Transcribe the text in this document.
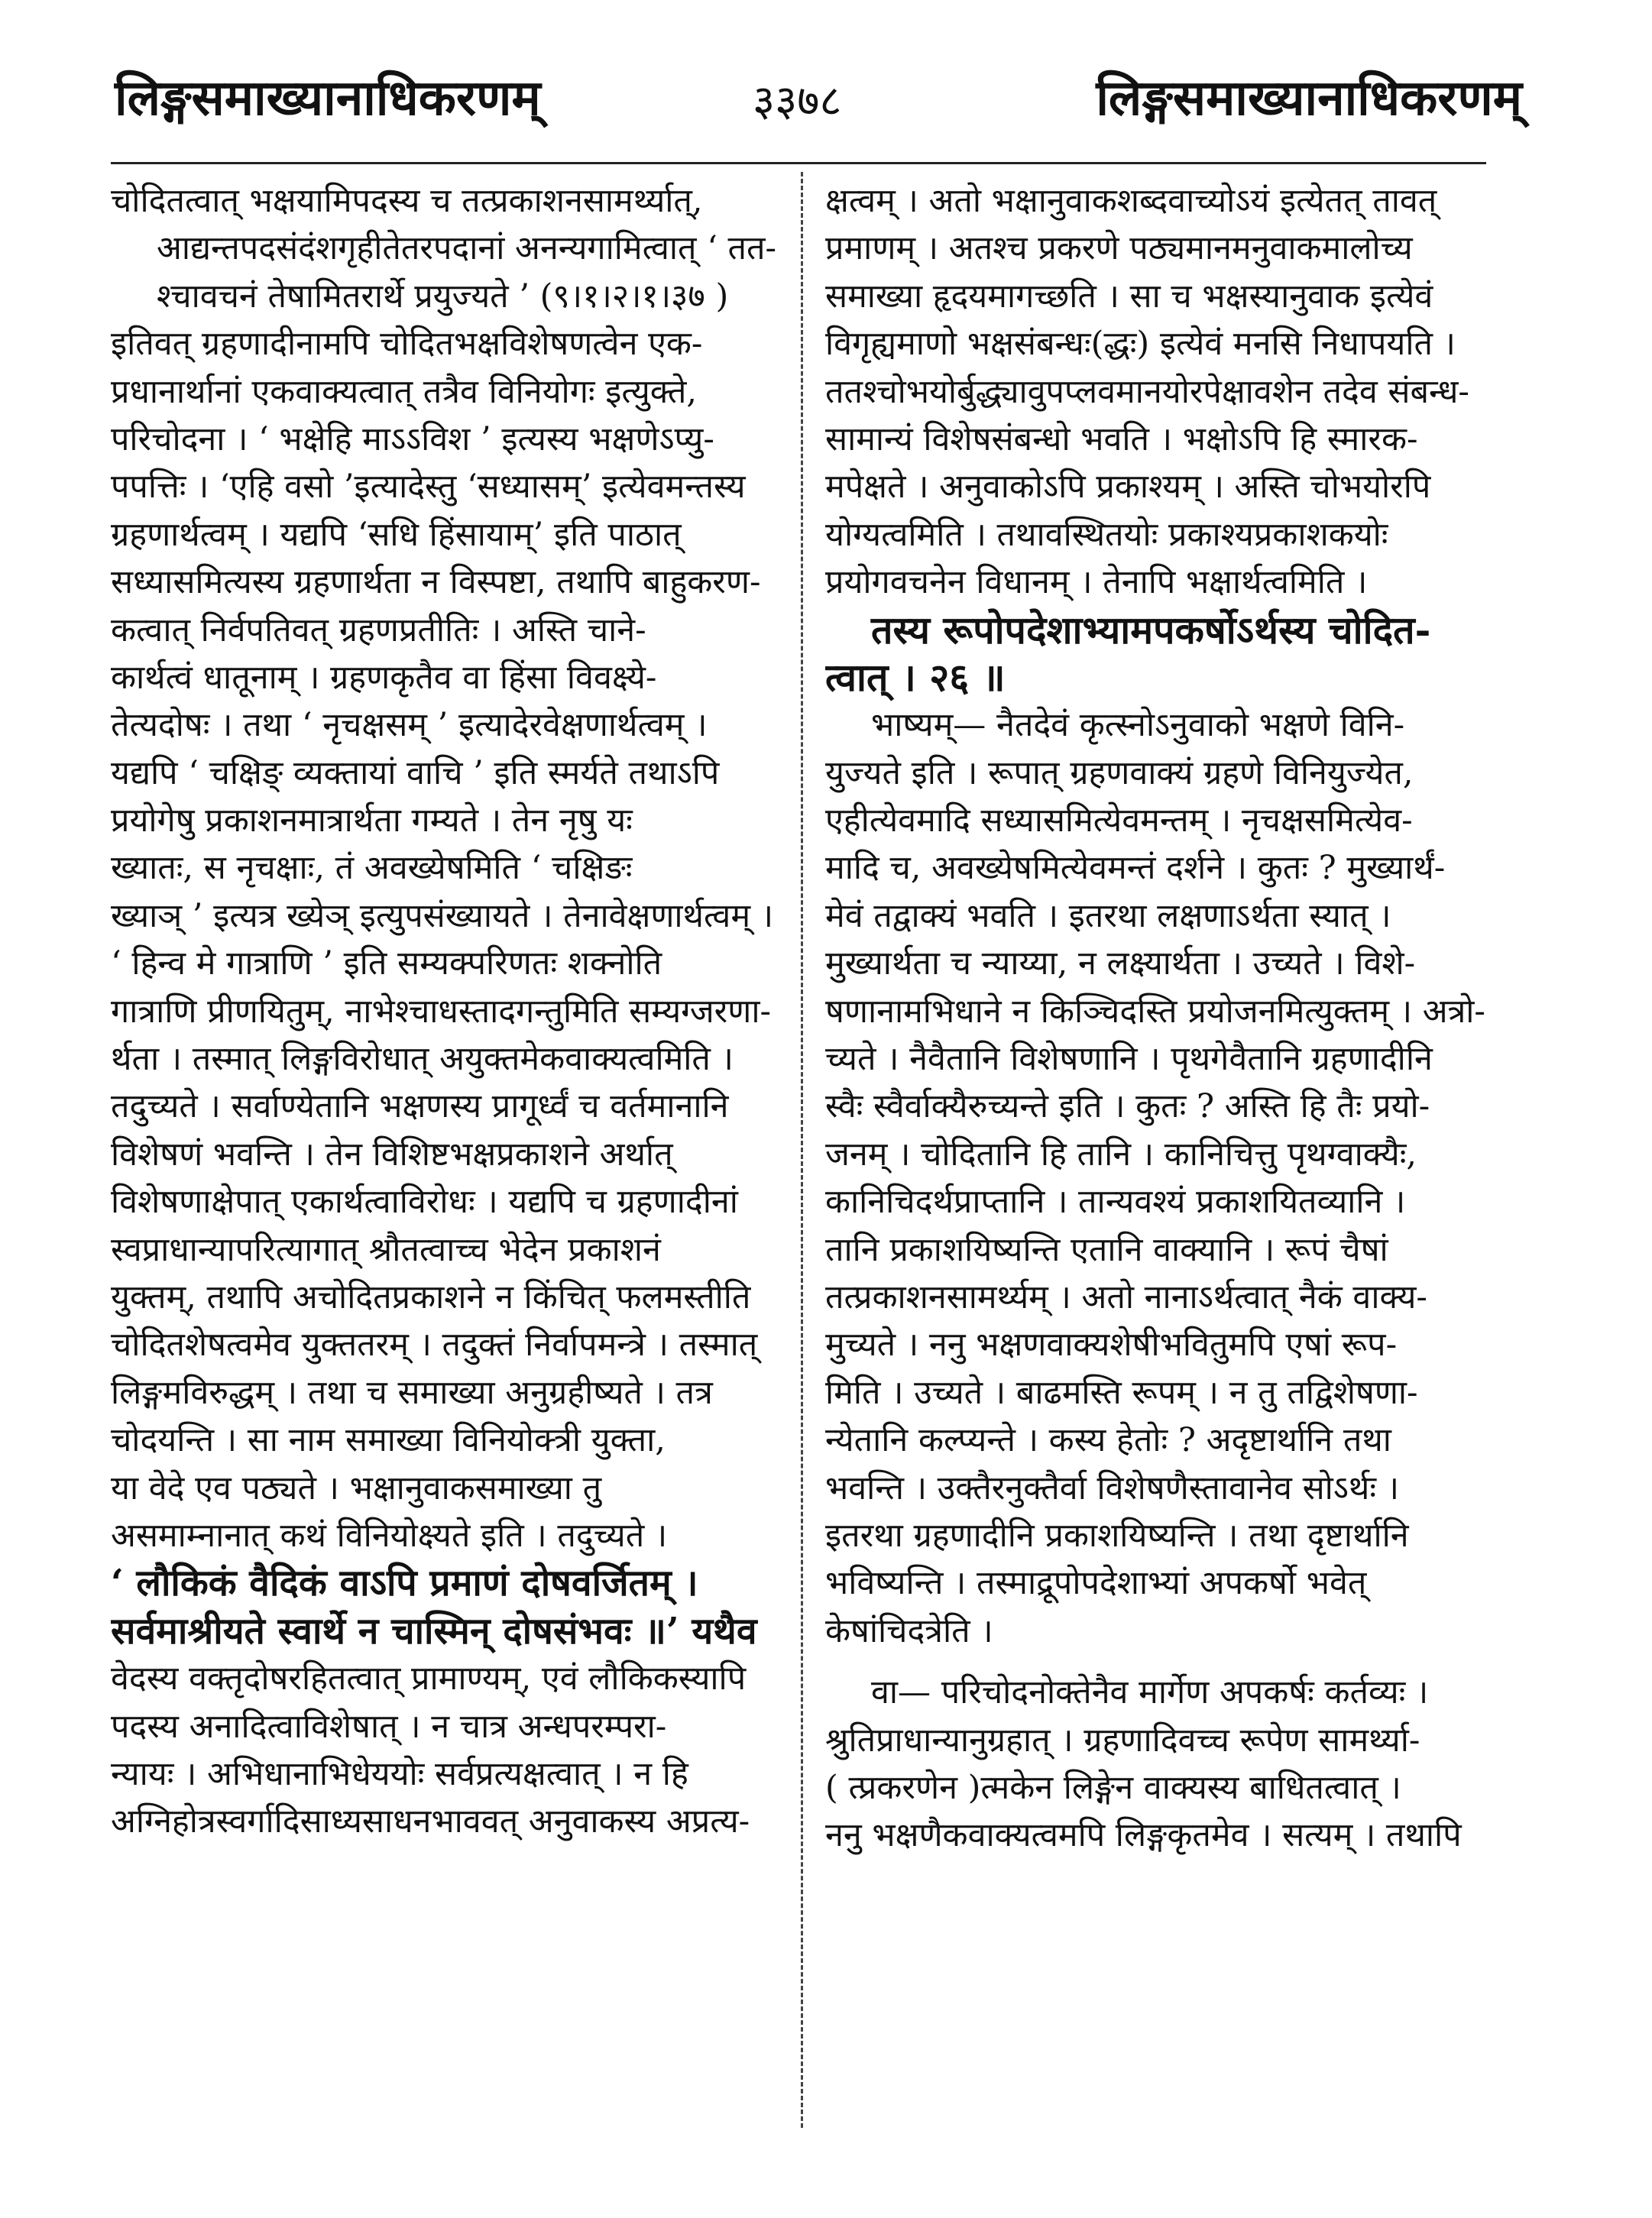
लिङ्गसमाख्यानाधिकरणम्	३३७८	लिङ्गसमाख्यानाधिकरणम्
चोदितत्वात् भक्षयामिपदस्य च तत्प्रकाशनसामर्थ्यात्,
आद्यन्तपदसंदंशगृहीतेतरपदानां अनन्यगामित्वात् ‘ तत-
श्चावचनं तेषामितरार्थे प्रयुज्यते ’ (९।१।२।१।३७ )
इतिवत् ग्रहणादीनामपि चोदितभक्षविशेषणत्वेन एक-
प्रधानार्थानां एकवाक्यत्वात् तत्रैव विनियोगः इत्युक्ते,
परिचोदना । ‘ भक्षेहि माऽऽविश ’ इत्यस्य भक्षणेऽप्यु-
पपत्तिः । ‘एहि वसो ’इत्यादेस्तु ‘सध्यासम्’ इत्येवमन्तस्य
ग्रहणार्थत्वम् । यद्यपि ‘सधि हिंसायाम्’ इति पाठात्
सध्यासमित्यस्य ग्रहणार्थता न विस्पष्टा, तथापि बाहुकरण-
कत्वात् निर्वपतिवत् ग्रहणप्रतीतिः । अस्ति चाने-
कार्थत्वं धातूनाम् । ग्रहणकृतैव वा हिंसा विवक्ष्ये-
तेत्यदोषः । तथा ‘ नृचक्षसम् ’ इत्यादेरवेक्षणार्थत्वम् ।
यद्यपि ‘ चक्षिङ् व्यक्तायां वाचि ’ इति स्मर्यते तथाऽपि
प्रयोगेषु प्रकाशनमात्रार्थता गम्यते । तेन नृषु यः
ख्यातः, स नृचक्षाः, तं अवख्येषमिति ‘ चक्षिङः
ख्याञ् ’ इत्यत्र ख्येञ् इत्युपसंख्यायते । तेनावेक्षणार्थत्वम् ।
‘ हिन्व मे गात्राणि ’ इति सम्यक्परिणतः शक्नोति
गात्राणि प्रीणयितुम्, नाभेश्चाधस्तादगन्तुमिति सम्यग्जरणा-
र्थता । तस्मात् लिङ्गविरोधात् अयुक्तमेकवाक्यत्वमिति ।
तदुच्यते । सर्वाण्येतानि भक्षणस्य प्रागूर्ध्वं च वर्तमानानि
विशेषणं भवन्ति । तेन विशिष्टभक्षप्रकाशने अर्थात्
विशेषणाक्षेपात् एकार्थत्वाविरोधः । यद्यपि च ग्रहणादीनां
स्वप्राधान्यापरित्यागात् श्रौतत्वाच्च भेदेन प्रकाशनं
युक्तम्, तथापि अचोदितप्रकाशने न किंचित् फलमस्तीति
चोदितशेषत्वमेव युक्ततरम् । तदुक्तं निर्वापमन्त्रे । तस्मात्
लिङ्गमविरुद्धम् । तथा च समाख्या अनुग्रहीष्यते । तत्र
चोदयन्ति । सा नाम समाख्या विनियोक्त्री युक्ता,
या वेदे एव पठ्यते । भक्षानुवाकसमाख्या तु
असमाम्नानात् कथं विनियोक्ष्यते इति । तदुच्यते ।
‘ लौकिकं वैदिकं वाऽपि प्रमाणं दोषवर्जितम् ।
सर्वमाश्रीयते स्वार्थे न चास्मिन् दोषसंभवः ॥’ यथैव
वेदस्य वक्तृदोषरहितत्वात् प्रामाण्यम्, एवं लौकिकस्यापि
पदस्य अनादित्वाविशेषात् । न चात्र अन्धपरम्परा-
न्यायः । अभिधानाभिधेययोः सर्वप्रत्यक्षत्वात् । न हि
अग्निहोत्रस्वर्गादिसाध्यसाधनभाववत् अनुवाकस्य अप्रत्य-
क्षत्वम् । अतो भक्षानुवाकशब्दवाच्योऽयं इत्येतत् तावत्
प्रमाणम् । अतश्च प्रकरणे पठ्यमानमनुवाकमालोच्य
समाख्या हृदयमागच्छति । सा च भक्षस्यानुवाक इत्येवं
विगृह्यमाणो भक्षसंबन्धः(द्धः) इत्येवं मनसि निधापयति ।
ततश्चोभयोर्बुद्ध्यावुपप्लवमानयोरपेक्षावशेन तदेव संबन्ध-
सामान्यं विशेषसंबन्धो भवति । भक्षोऽपि हि स्मारक-
मपेक्षते । अनुवाकोऽपि प्रकाश्यम् । अस्ति चोभयोरपि
योग्यत्वमिति । तथावस्थितयोः प्रकाश्यप्रकाशकयोः
प्रयोगवचनेन विधानम् । तेनापि भक्षार्थत्वमिति ।
तस्य रूपोपदेशाभ्यामपकर्षोऽर्थस्य चोदित-
त्वात् । २६ ॥
भाष्यम्— नैतदेवं कृत्स्नोऽनुवाको भक्षणे विनि-
युज्यते इति । रूपात् ग्रहणवाक्यं ग्रहणे विनियुज्येत,
एहीत्येवमादि सध्यासमित्येवमन्तम् । नृचक्षसमित्येव-
मादि च, अवख्येषमित्येवमन्तं दर्शने । कुतः ? मुख्यार्थं-
मेवं तद्वाक्यं भवति । इतरथा लक्षणाऽर्थता स्यात् ।
मुख्यार्थता च न्याय्या, न लक्ष्यार्थता । उच्यते । विशे-
षणानामभिधाने न किञ्चिदस्ति प्रयोजनमित्युक्तम् । अत्रो-
च्यते । नैवैतानि विशेषणानि । पृथगेवैतानि ग्रहणादीनि
स्वैः स्वैर्वाक्यैरुच्यन्ते इति । कुतः ? अस्ति हि तैः प्रयो-
जनम् । चोदितानि हि तानि । कानिचित्तु पृथग्वाक्यैः,
कानिचिदर्थप्राप्तानि । तान्यवश्यं प्रकाशयितव्यानि ।
तानि प्रकाशयिष्यन्ति एतानि वाक्यानि । रूपं चैषां
तत्प्रकाशनसामर्थ्यम् । अतो नानाऽर्थत्वात् नैकं वाक्य-
मुच्यते । ननु भक्षणवाक्यशेषीभवितुमपि एषां रूप-
मिति । उच्यते । बाढमस्ति रूपम् । न तु तद्विशेषणा-
न्येतानि कल्प्यन्ते । कस्य हेतोः ? अदृष्टार्थानि तथा
भवन्ति । उक्तैरनुक्तैर्वा विशेषणैस्तावानेव सोऽर्थः ।
इतरथा ग्रहणादीनि प्रकाशयिष्यन्ति । तथा दृष्टार्थानि
भविष्यन्ति । तस्माद्रूपोपदेशाभ्यां अपकर्षो भवेत्
केषांचिदत्रेति ।
वा— परिचोदनोक्तेनैव मार्गेण अपकर्षः कर्तव्यः ।
श्रुतिप्राधान्यानुग्रहात् । ग्रहणादिवच्च रूपेण सामर्थ्या-
( त्प्रकरणेन )त्मकेन लिङ्गेन वाक्यस्य बाधितत्वात् ।
ननु भक्षणैकवाक्यत्वमपि लिङ्गकृतमेव । सत्यम् । तथापि
